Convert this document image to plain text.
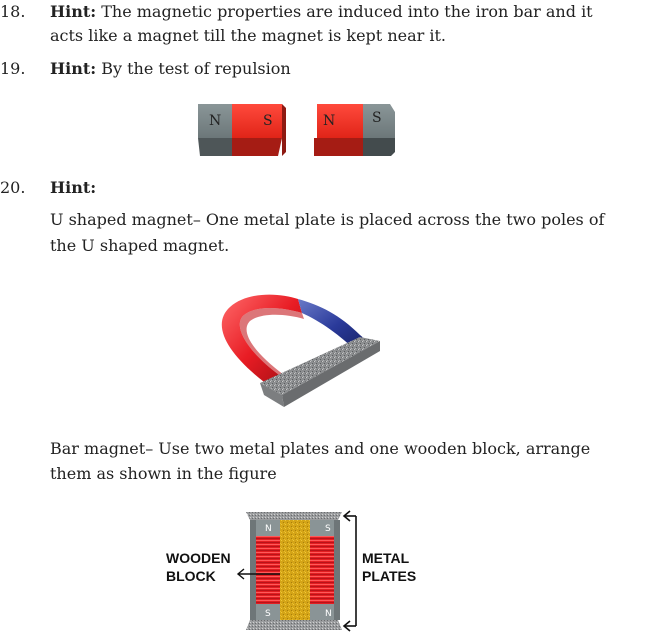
18. Hint: The magnetic properties are induced into the iron bar and it
acts like a magnet till the magnet is kept near it.
19. Hint: By the test of repulsion
N	S	N	S
20. Hint:
U shaped magnet– One metal plate is placed across the two poles of
the U shaped magnet.
Bar magnet– Use two metal plates and one wooden block, arrange
them as shown in the figure
N
S
S
N
WOODEN
BLOCK
METAL
PLATES
